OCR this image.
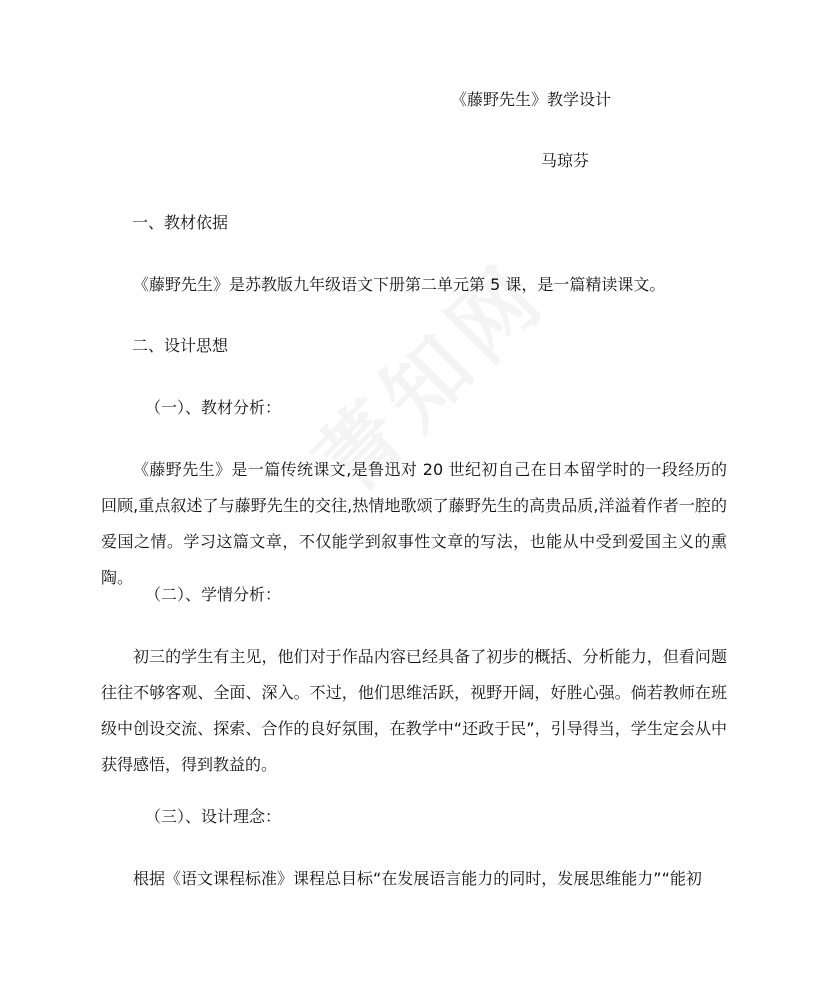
《藤野先生》教学设计
马琼芬
一、教材依据
《藤野先生》是苏教版九年级语文下册第二单元第 5 课，是一篇精读课文。
二、设计思想
（一）、教材分析：
《藤野先生》是一篇传统课文,是鲁迅对 20 世纪初自己在日本留学时的一段经历的回顾,重点叙述了与藤野先生的交往,热情地歌颂了藤野先生的高贵品质,洋溢着作者一腔的爱国之情。学习这篇文章，不仅能学到叙事性文章的写法，也能从中受到爱国主义的熏陶。
（二）、学情分析：
初三的学生有主见，他们对于作品内容已经具备了初步的概括、分析能力，但看问题往往不够客观、全面、深入。不过，他们思维活跃，视野开阔，好胜心强。倘若教师在班级中创设交流、探索、合作的良好氛围，在教学中“还政于民”，引导得当，学生定会从中获得感悟，得到教益的。
（三）、设计理念：
根据《语文课程标准》课程总目标“在发展语言能力的同时，发展思维能力”“能初
